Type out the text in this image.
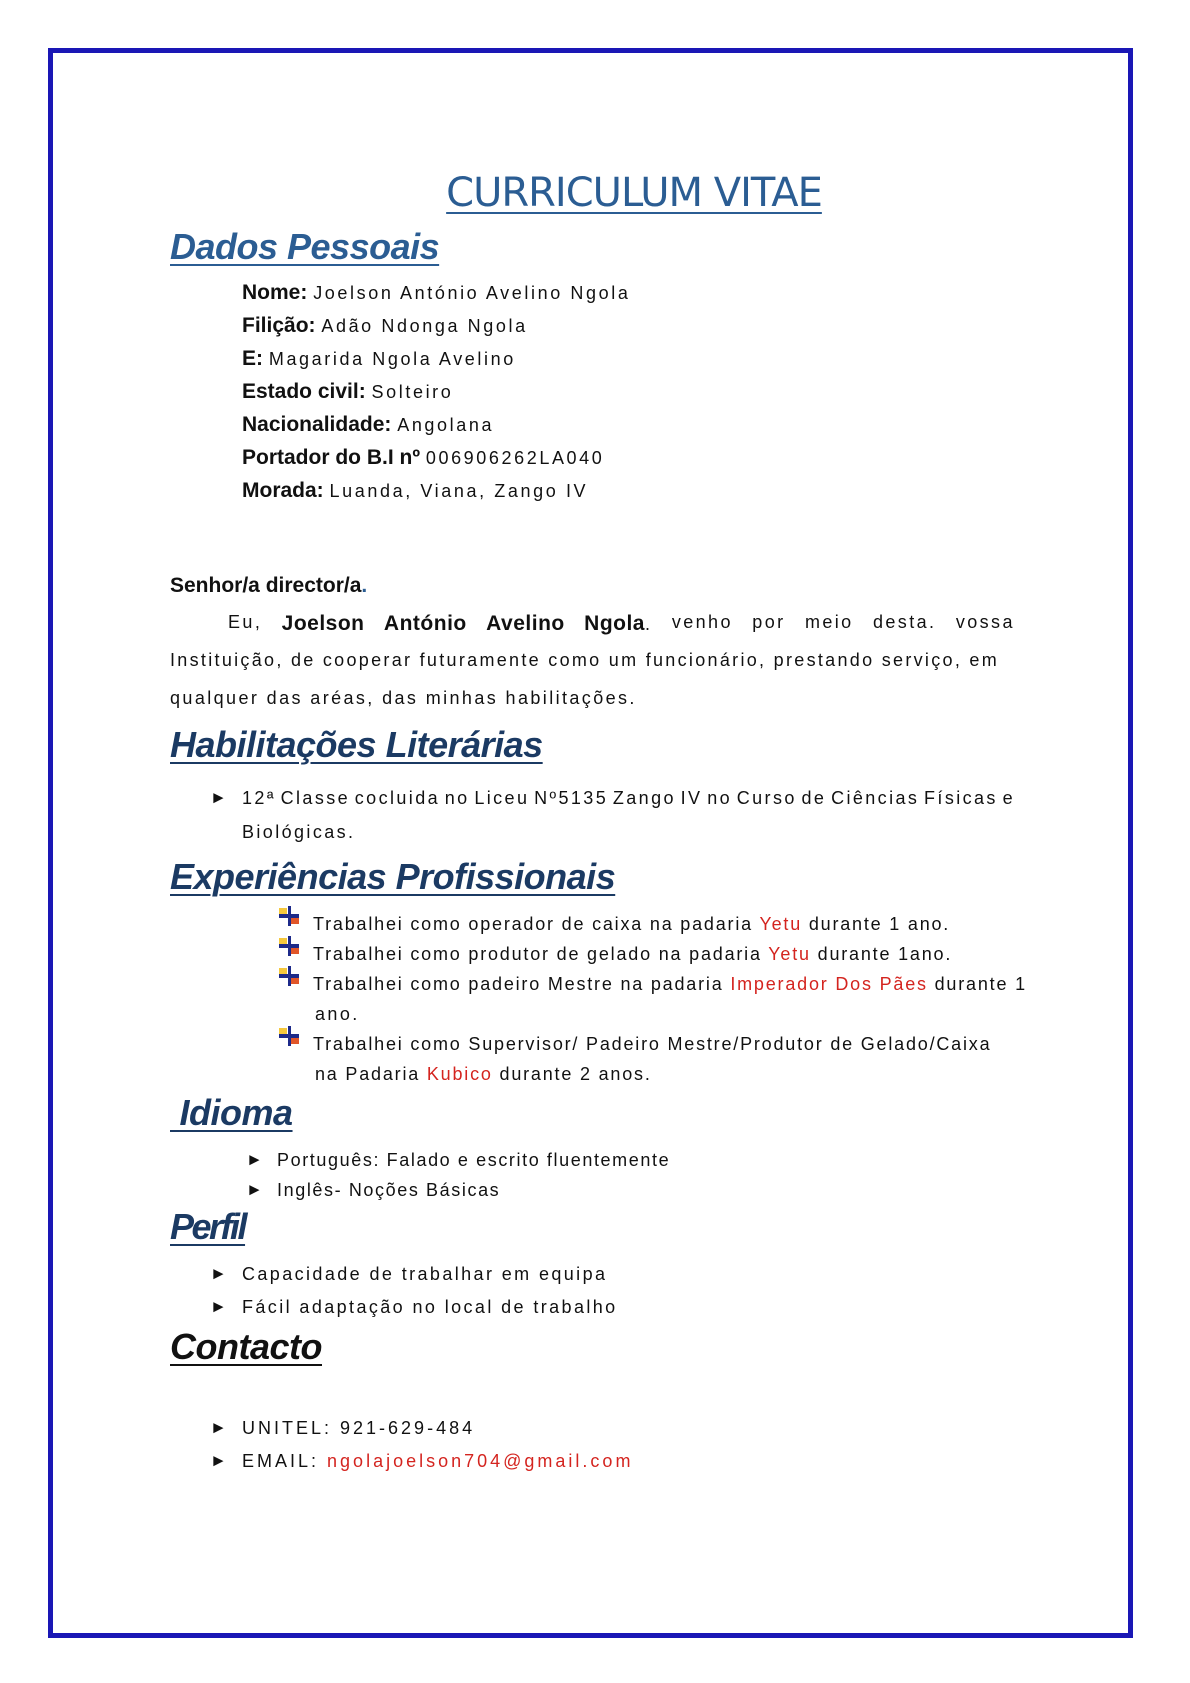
CURRICULUM VITAE
Dados Pessoais
Nome: Joelson António Avelino Ngola
Filição: Adão Ndonga Ngola
E: Magarida Ngola Avelino
Estado civil: Solteiro
Nacionalidade: Angolana
Portador do B.I nº 006906262LA040
Morada: Luanda, Viana, Zango IV
Senhor/a director/a.
Eu, Joelson António Avelino Ngola. venho por meio desta. vossa
Instituição, de cooperar futuramente como um funcionário, prestando serviço, em
qualquer das aréas, das minhas habilitações.
Habilitações Literárias
► 12ª Classe cocluida no Liceu Nº5135 Zango IV no Curso de Ciências Físicas e
Biológicas.
Experiências Profissionais
Trabalhei como operador de caixa na padaria Yetu durante 1 ano.
Trabalhei como produtor de gelado na padaria Yetu durante 1ano.
Trabalhei como padeiro Mestre na padaria Imperador Dos Pães durante 1
ano.
Trabalhei como Supervisor/ Padeiro Mestre/Produtor de Gelado/Caixa
na Padaria Kubico durante 2 anos.
​ Idioma
► Português: Falado e escrito fluentemente
► Inglês- Noções Básicas
Perfil
► Capacidade de trabalhar em equipa
► Fácil adaptação no local de trabalho
Contacto
► UNITEL: 921-629-484
► EMAIL: ngolajoelson704@gmail.com
